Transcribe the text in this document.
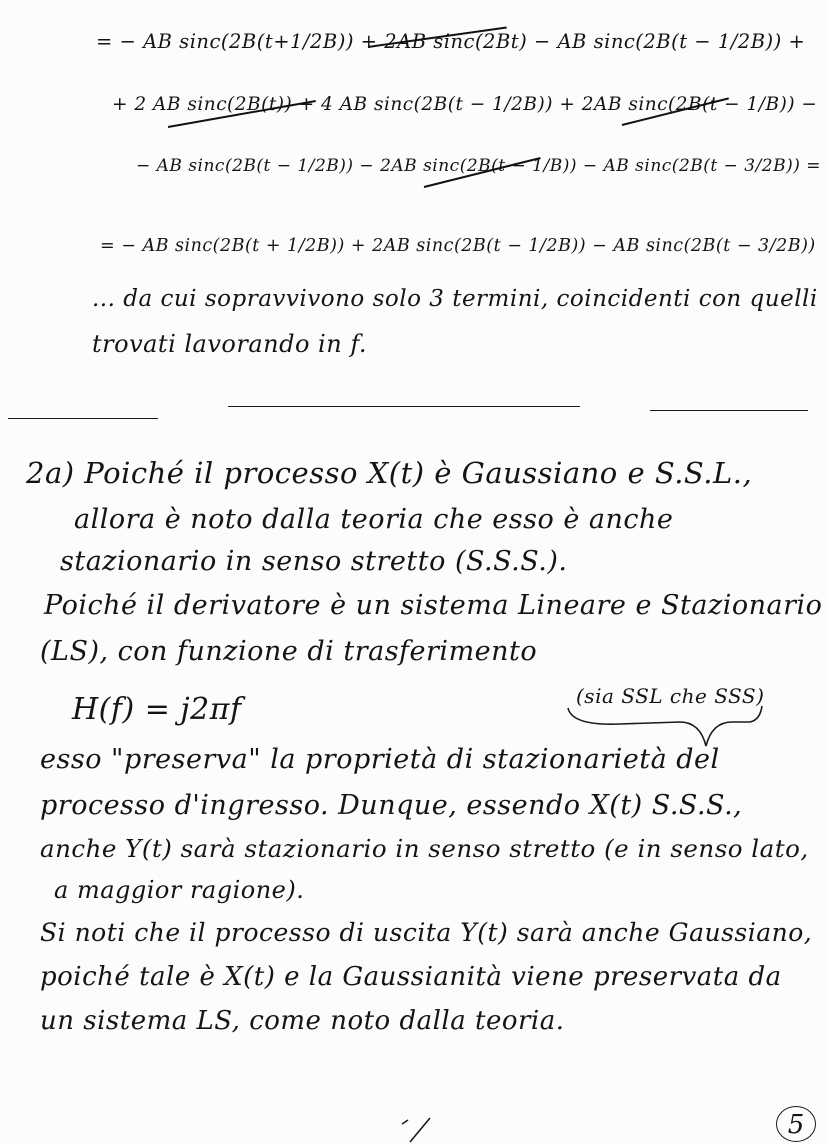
= − AB sinc(2B(t+1/2B)) + 2AB sinc(2Bt) − AB sinc(2B(t − 1/2B)) +
+ 2 AB sinc(2B(t)) + 4 AB sinc(2B(t − 1/2B)) + 2AB sinc(2B(t − 1/B)) −
− AB sinc(2B(t − 1/2B)) − 2AB sinc(2B(t − 1/B)) − AB sinc(2B(t − 3/2B)) =
= − AB sinc(2B(t + 1/2B)) + 2AB sinc(2B(t − 1/2B)) − AB sinc(2B(t − 3/2B))
... da cui sopravvivono solo 3 termini, coincidenti con quelli
trovati lavorando in f.
2a) Poiché il processo X(t) è Gaussiano e S.S.L.,
allora è noto dalla teoria che esso è anche
stazionario in senso stretto (S.S.S.).
Poiché il derivatore è un sistema Lineare e Stazionario
(LS), con funzione di trasferimento
H(f) = j2πf	(sia SSL che SSS)
esso "preserva" la proprietà di stazionarietà del
processo d'ingresso. Dunque, essendo X(t) S.S.S.,
anche Y(t) sarà stazionario in senso stretto (e in senso lato,
a maggior ragione).
Si noti che il processo di uscita Y(t) sarà anche Gaussiano,
poiché tale è X(t) e la Gaussianità viene preservata da
un sistema LS, come noto dalla teoria.
5
